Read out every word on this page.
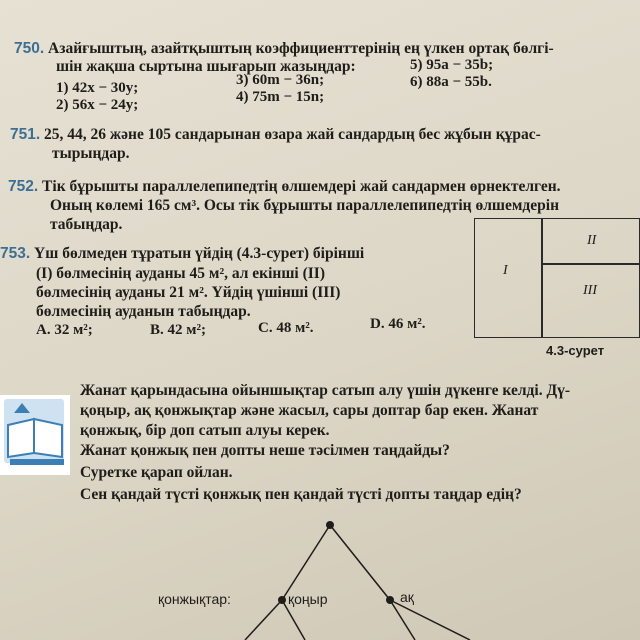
750. Азайғыштың, азайтқыштың коэффициенттерінің ең үлкен ортақ бөлгі-
шін жақша сыртына шығарып жазыңдар:
1) 42x − 30y;
2) 56x − 24y;
3) 60m − 36n;
4) 75m − 15n;
5) 95a − 35b;
6) 88a − 55b.
751. 25, 44, 26 және 105 сандарынан өзара жай сандардың бес жұбын құрас-
тырыңдар.
752. Тік бұрышты параллелепипедтің өлшемдері жай сандармен өрнектелген.
Оның көлемі 165 см³. Осы тік бұрышты параллелепипедтің өлшемдерін
табыңдар.
753. Үш бөлмеден тұратын үйдің (4.3-сурет) бірінші
(I) бөлмесінің ауданы 45 м², ал екінші (II)
бөлмесінің ауданы 21 м². Үйдің үшінші (III)
бөлмесінің ауданын табыңдар.
A. 32 м²;	B. 42 м²;	C. 48 м².	D. 46 м².
I
II
III
4.3-сурет
Жанат қарындасына ойыншықтар сатып алу үшін дүкенге келді. Дү-
қоңыр, ақ қонжықтар және жасыл, сары доптар бар екен. Жанат
қонжық, бір доп сатып алуы керек.
Жанат қонжық пен допты неше тәсілмен таңдайды?
Суретке қарап ойлан.
Сен қандай түсті қонжық пен қандай түсті допты таңдар едің?
қонжықтар:	қоңыр	ақ
